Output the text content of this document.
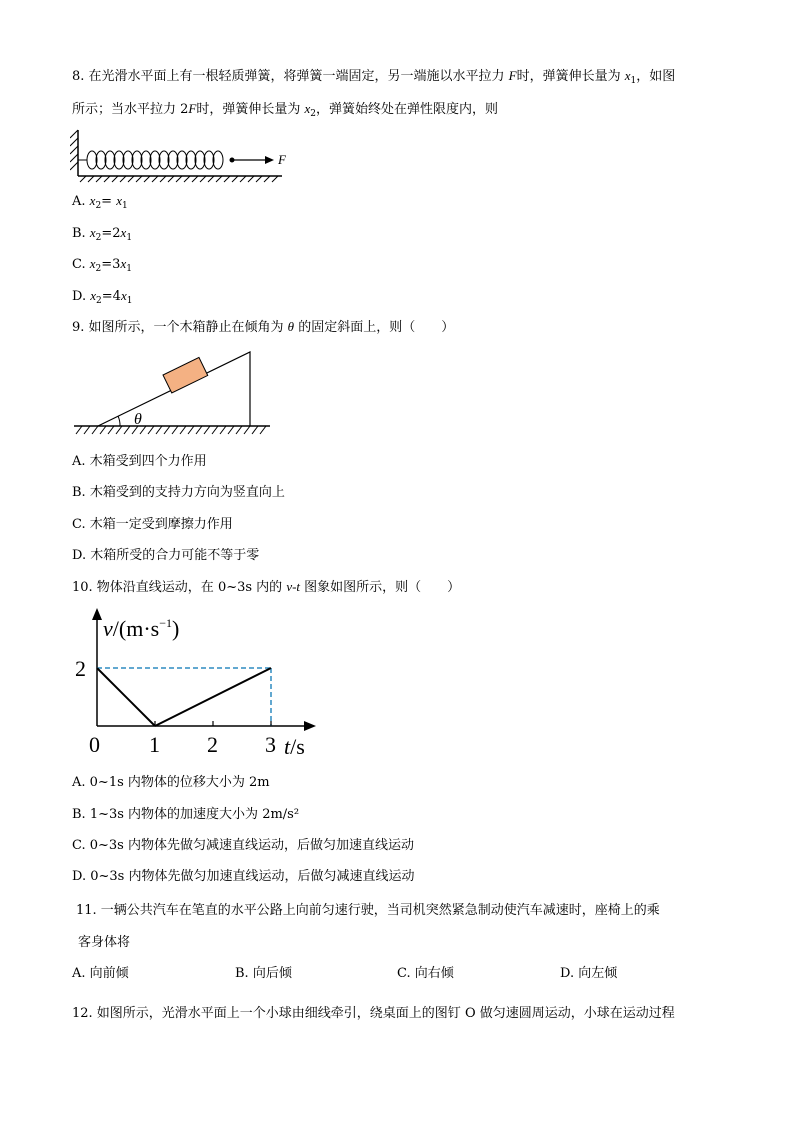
8. 在光滑水平面上有一根轻质弹簧，将弹簧一端固定，另一端施以水平拉力 F时，弹簧伸长量为 $x_1$，如图
所示；当水平拉力 2F时，弹簧伸长量为 $x_2$，弹簧始终处在弹性限度内，则
F
A. $x_2= x_1$
B. $x_2=2x_1$
C. $x_2=3x_1$
D. $x_2=4x_1$
9. 如图所示，一个木箱静止在倾角为 θ 的固定斜面上，则（　　）
θ
A. 木箱受到四个力作用
B. 木箱受到的支持力方向为竖直向上
C. 木箱一定受到摩擦力作用
D. 木箱所受的合力可能不等于零
10. 物体沿直线运动，在 0~3s 内的 v-t 图象如图所示，则（　　）
$v/(m\cdot s^{-1})$
t/s
0 1 2 3
2
A. 0~1s 内物体的位移大小为 2m
B. 1~3s 内物体的加速度大小为 2m/s²
C. 0~3s 内物体先做匀减速直线运动，后做匀加速直线运动
D. 0~3s 内物体先做匀加速直线运动，后做匀减速直线运动
11. 一辆公共汽车在笔直的水平公路上向前匀速行驶，当司机突然紧急制动使汽车减速时，座椅上的乘
客身体将
A. 向前倾	B. 向后倾	C. 向右倾	D. 向左倾
12. 如图所示，光滑水平面上一个小球由细线牵引，绕桌面上的图钉 O 做匀速圆周运动，小球在运动过程
